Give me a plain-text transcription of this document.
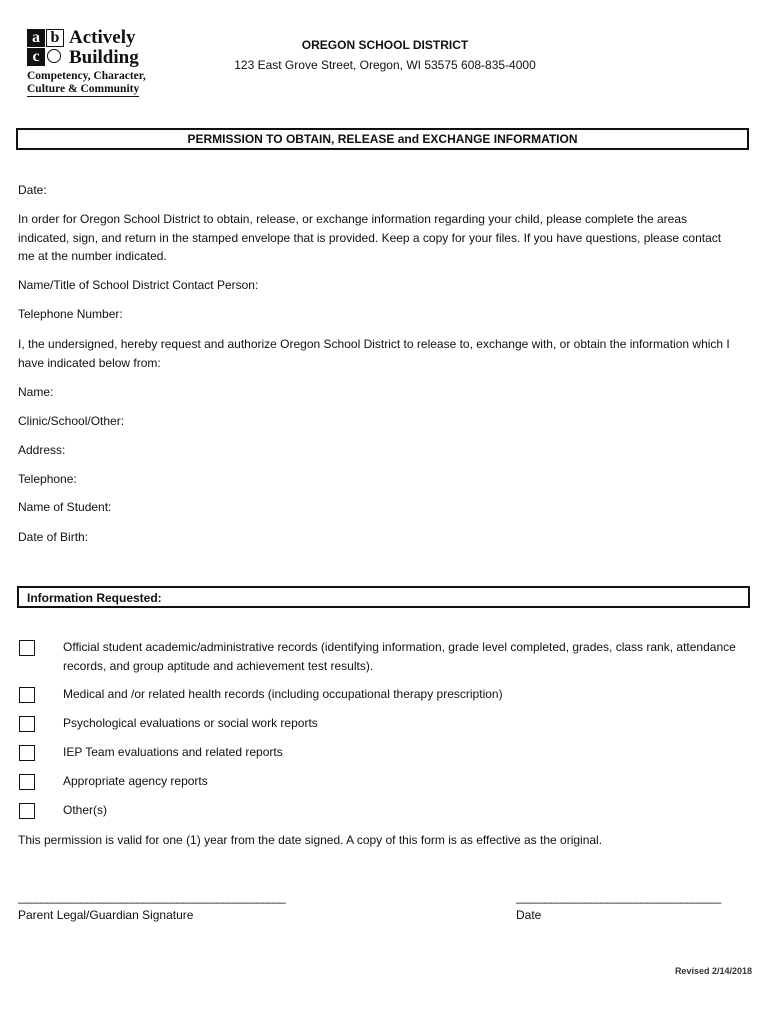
a b
c
Actively
Building
Competency, Character,
Culture & Community
OREGON SCHOOL DISTRICT
123 East Grove Street, Oregon, WI 53575 608-835-4000
PERMISSION TO OBTAIN, RELEASE and EXCHANGE INFORMATION
Date:
In order for Oregon School District to obtain, release, or exchange information regarding your child, please complete the areas indicated, sign, and return in the stamped envelope that is provided. Keep a copy for your files. If you have questions, please contact me at the number indicated.
Name/Title of School District Contact Person:
Telephone Number:
I, the undersigned, hereby request and authorize Oregon School District to release to, exchange with, or obtain the information which I have indicated below from:
Name:
Clinic/School/Other:
Address:
Telephone:
Name of Student:
Date of Birth:
Information Requested:
Official student academic/administrative records (identifying information, grade level completed, grades, class rank, attendance records, and group aptitude and achievement test results).
Medical and /or related health records (including occupational therapy prescription)
Psychological evaluations or social work reports
IEP Team evaluations and related reports
Appropriate agency reports
Other(s)
This permission is valid for one (1) year from the date signed. A copy of this form is as effective as the original.
_______________________________________________
Parent Legal/Guardian Signature
____________________________________
Date
Revised 2/14/2018
